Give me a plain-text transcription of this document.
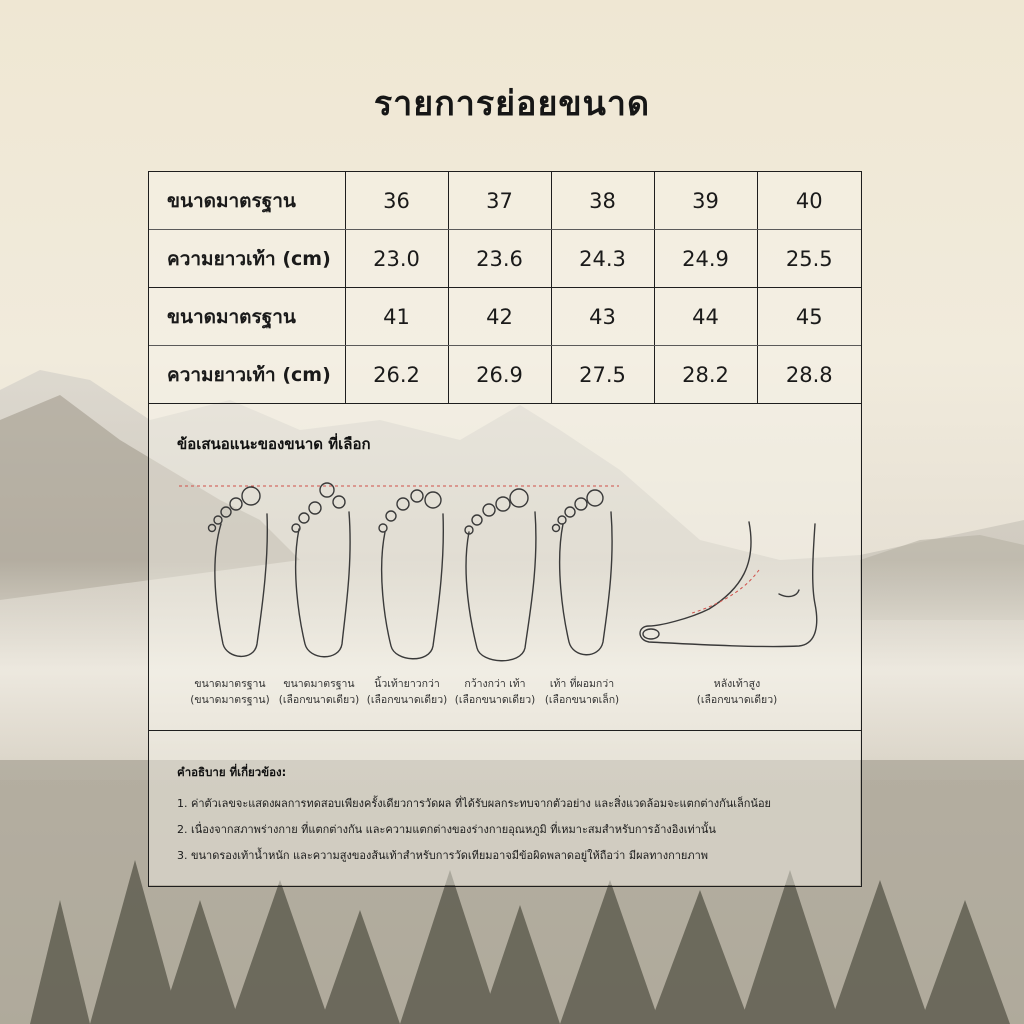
รายการย่อยขนาด
ขนาดมาตรฐาน	36	37	38	39	40
ความยาวเท้า (cm)	23.0	23.6	24.3	24.9	25.5
ขนาดมาตรฐาน	41	42	43	44	45
ความยาวเท้า (cm)	26.2	26.9	27.5	28.2	28.8
ข้อเสนอแนะของขนาด ที่เลือก
ขนาดมาตรฐาน
(ขนาดมาตรฐาน)
ขนาดมาตรฐาน
(เลือกขนาดเดียว)
นิ้วเท้ายาวกว่า
(เลือกขนาดเดียว)
กว้างกว่า เท้า
(เลือกขนาดเดียว)
เท้า ที่ผอมกว่า
(เลือกขนาดเล็ก)
หลังเท้าสูง
(เลือกขนาดเดียว)
คำอธิบาย ที่เกี่ยวข้อง:
1. ค่าตัวเลขจะแสดงผลการทดสอบเพียงครั้งเดียวการวัดผล ที่ได้รับผลกระทบจากตัวอย่าง และสิ่งแวดล้อมจะแตกต่างกันเล็กน้อย
2. เนื่องจากสภาพร่างกาย ที่แตกต่างกัน และความแตกต่างของร่างกายอุณหภูมิ ที่เหมาะสมสำหรับการอ้างอิงเท่านั้น
3. ขนาดรองเท้าน้ำหนัก และความสูงของส้นเท้าสำหรับการวัดเทียมอาจมีข้อผิดพลาดอยู่ให้ถือว่า มีผลทางกายภาพ
